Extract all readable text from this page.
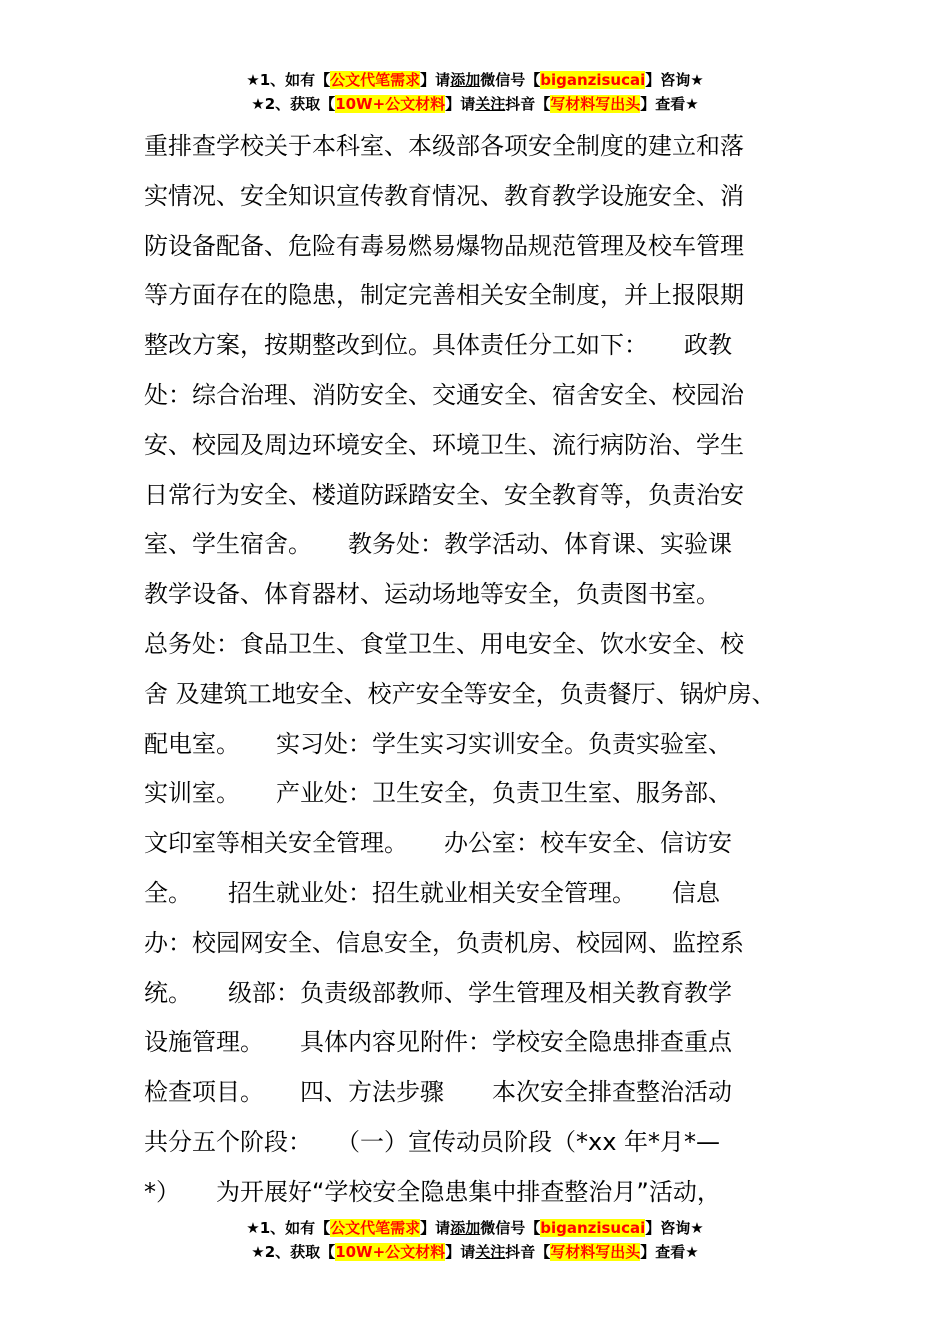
★1、如有【公文代笔需求】请添加微信号【biganzisucai】咨询★
★2、获取【10W+公文材料】请关注抖音【写材料写出头】查看★
重排查学校关于本科室、本级部各项安全制度的建立和落
实情况、安全知识宣传教育情况、教育教学设施安全、消
防设备配备、危险有毒易燃易爆物品规范管理及校车管理
等方面存在的隐患，制定完善相关安全制度，并上报限期
整改方案，按期整改到位。具体责任分工如下：　　政教
处：综合治理、消防安全、交通安全、宿舍安全、校园治
安、校园及周边环境安全、环境卫生、流行病防治、学生
日常行为安全、楼道防踩踏安全、安全教育等，负责治安
室、学生宿舍。　　教务处：教学活动、体育课、实验课
教学设备、体育器材、运动场地等安全，负责图书室。
总务处：食品卫生、食堂卫生、用电安全、饮水安全、校
舍 及建筑工地安全、校产安全等安全，负责餐厅、锅炉房、
配电室。　　实习处：学生实习实训安全。负责实验室、
实训室。　　产业处：卫生安全，负责卫生室、服务部、
文印室等相关安全管理。　　办公室：校车安全、信访安
全。　　招生就业处：招生就业相关安全管理。　　信息
办：校园网安全、信息安全，负责机房、校园网、监控系
统。　　级部：负责级部教师、学生管理及相关教育教学
设施管理。　　具体内容见附件：学校安全隐患排查重点
检查项目。　　四、方法步骤　　本次安全排查整治活动
共分五个阶段：　　（一）宣传动员阶段（*xx 年*月*—
*）　　为开展好“学校安全隐患集中排查整治月”活动，
★1、如有【公文代笔需求】请添加微信号【biganzisucai】咨询★
★2、获取【10W+公文材料】请关注抖音【写材料写出头】查看★
